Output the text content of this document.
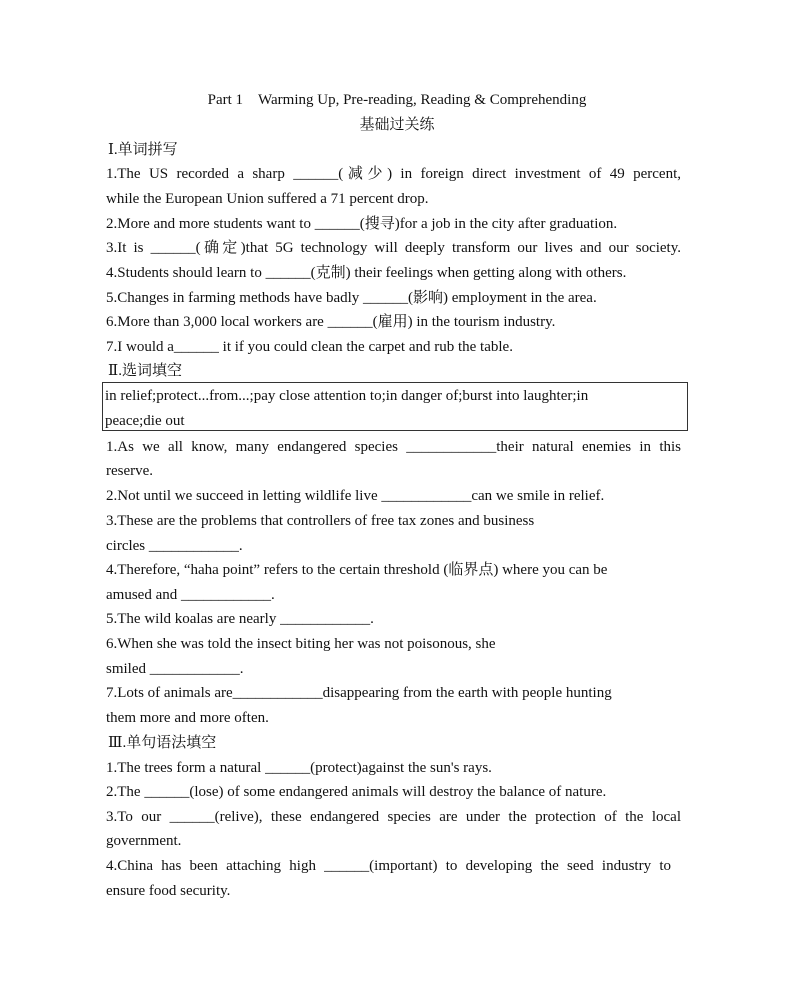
Part 1 Warming Up, Pre-reading, Reading & Comprehending
基础过关练
Ⅰ.单词拼写
1.The US recorded a sharp ______(减少) in foreign direct investment of 49 percent,
while the European Union suffered a 71 percent drop.
2.More and more students want to ______(搜寻)for a job in the city after graduation.
3.It is ______(确定)that 5G technology will deeply transform our lives and our society.
4.Students should learn to ______(克制) their feelings when getting along with others.
5.Changes in farming methods have badly ______(影响) employment in the area.
6.More than 3,000 local workers are ______(雇用) in the tourism industry.
7.I would a______ it if you could clean the carpet and rub the table.
Ⅱ.选词填空
in relief;protect...from...;pay close attention to;in danger of;burst into laughter;in
peace;die out
1.As we all know, many endangered species ____________their natural enemies in this
reserve.
2.Not until we succeed in letting wildlife live ____________can we smile in relief.
3.These are the problems that controllers of free tax zones and business
circles ____________.
4.Therefore, “haha point” refers to the certain threshold (临界点) where you can be
amused and ____________.
5.The wild koalas are nearly ____________.
6.When she was told the insect biting her was not poisonous, she
smiled ____________.
7.Lots of animals are____________disappearing from the earth with people hunting
them more and more often.
Ⅲ.单句语法填空
1.The trees form a natural ______(protect)against the sun's rays.
2.The ______(lose) of some endangered animals will destroy the balance of nature.
3.To our ______(relive), these endangered species are under the protection of the local
government.
4.China has been attaching high ______(important) to developing the seed industry to
ensure food security.
